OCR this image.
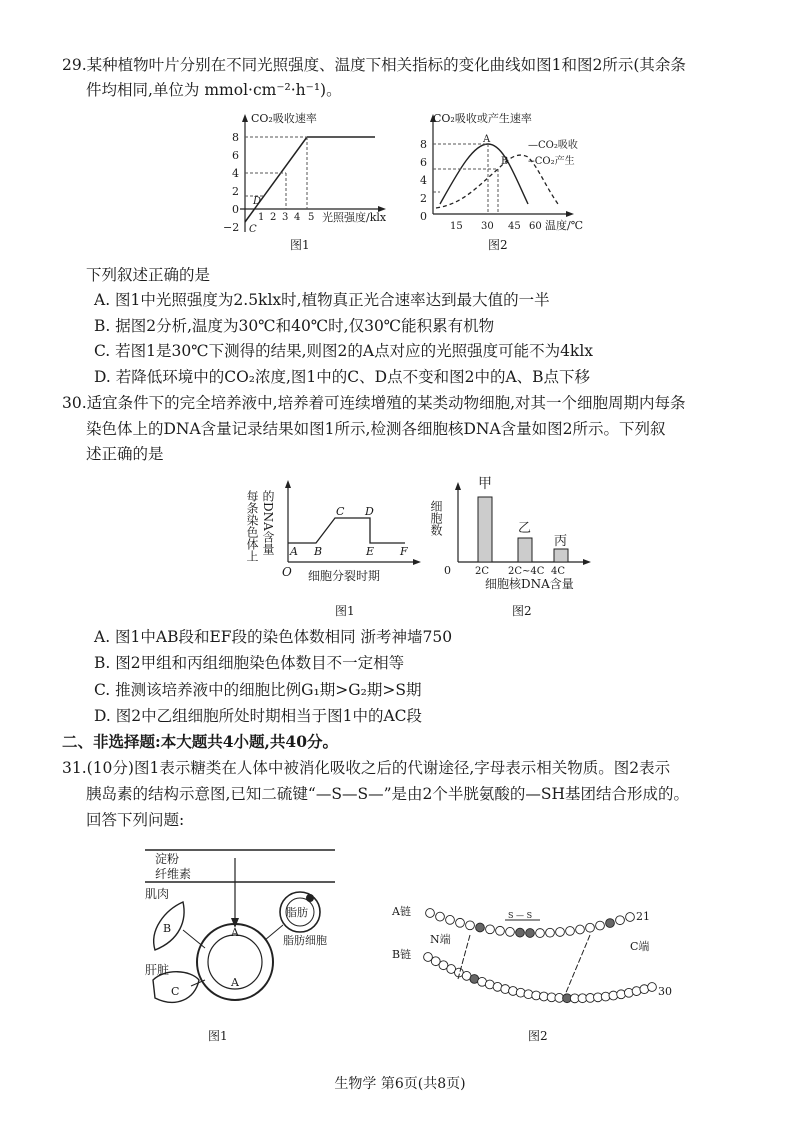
29.某种植物叶片分别在不同光照强度、温度下相关指标的变化曲线如图1和图2所示(其余条
件均相同,单位为 mmol·cm⁻²·h⁻¹)。
CO₂吸收速率
8
6
4
2
0
−2
1 2 3 4 5 光照强度/klx
C
D
图1
CO₂吸收或产生速率
8
6
4
2
0
15 30 45 60 温度/℃
A
B
—CO₂吸收
--CO₂产生
图2
下列叙述正确的是
A. 图1中光照强度为2.5klx时,植物真正光合速率达到最大值的一半
B. 据图2分析,温度为30℃和40℃时,仅30℃能积累有机物
C. 若图1是30℃下测得的结果,则图2的A点对应的光照强度可能不为4klx
D. 若降低环境中的CO₂浓度,图1中的C、D点不变和图2中的A、B点下移
30.适宜条件下的完全培养液中,培养着可连续增殖的某类动物细胞,对其一个细胞周期内每条
染色体上的DNA含量记录结果如图1所示,检测各细胞核DNA含量如图2所示。下列叙
述正确的是
A B
C D
E F
O 细胞分裂时期
每条染色体上 的DNA含量
图1
甲
乙
丙
0 2C 2C~4C 4C
细胞核DNA含量
细胞数
图2
A. 图1中AB段和EF段的染色体数相同 浙考神墙750
B. 图2甲组和丙组细胞染色体数目不一定相等
C. 推测该培养液中的细胞比例G₁期>G₂期>S期
D. 图2中乙组细胞所处时期相当于图1中的AC段
二、非选择题:本大题共4小题,共40分。
31.(10分)图1表示糖类在人体中被消化吸收之后的代谢途径,字母表示相关物质。图2表示
胰岛素的结构示意图,已知二硫键“—S—S—”是由2个半胱氨酸的—SH基团结合形成的。
回答下列问题:
淀粉
纤维素
A
A
肌肉
B
肝脏
C
脂肪
脂肪细胞
图1
S — S
A链
B链
N端
C端
21
30
图2
生物学 第6页(共8页)
